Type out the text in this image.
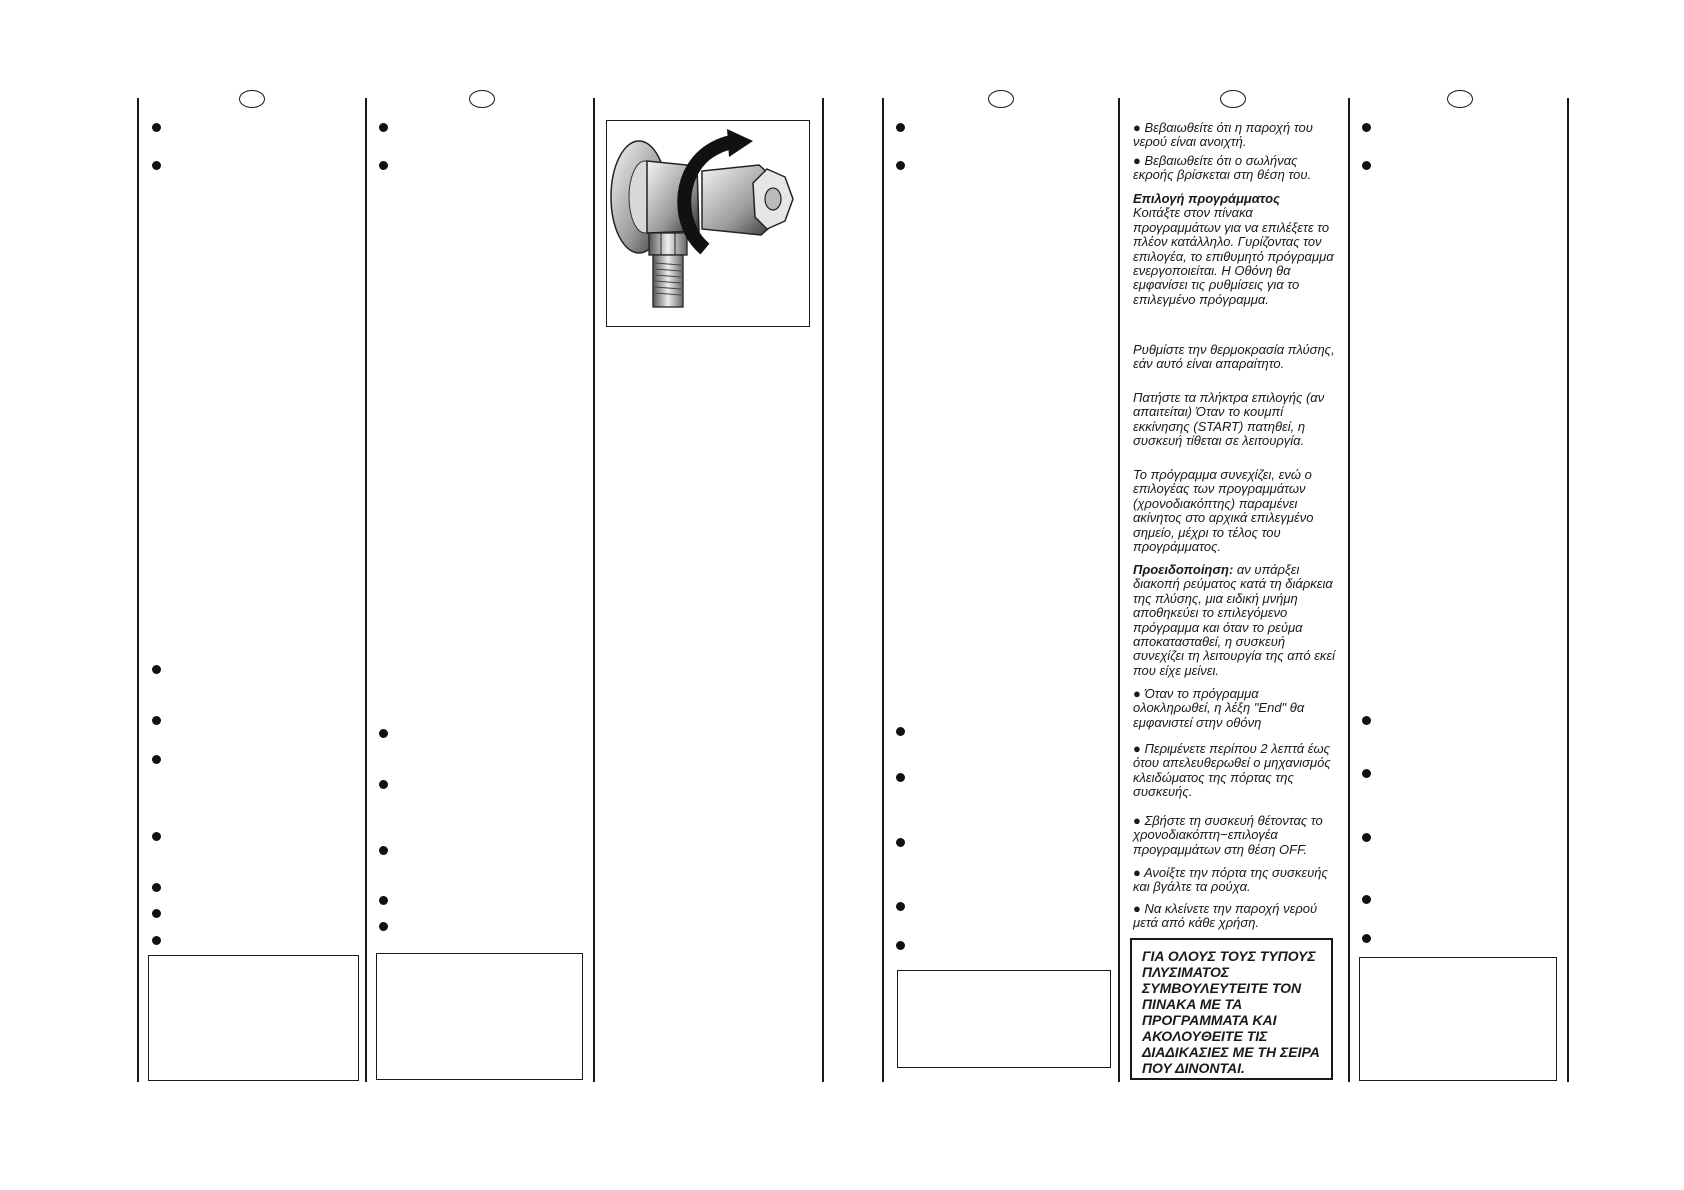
● Βεβαιωθείτε ότι η παροχή του νερού είναι ανοιχτή.
● Βεβαιωθείτε ότι ο σωλήνας εκροής βρίσκεται στη θέση του.
Επιλογή προγράμματος
Κοιτάξτε στον πίνακα προγραμμάτων για να επιλέξετε το πλέον κατάλληλο. Γυρίζοντας τον επιλογέα, το επιθυμητό πρόγραμμα ενεργοποιείται. Η Οθόνη θα εμφανίσει τις ρυθμίσεις για το επιλεγμένο πρόγραμμα.
Ρυθμίστε την θερμοκρασία πλύσης, εάν αυτό είναι απαραίτητο.
Πατήστε τα πλήκτρα επιλογής (αν απαιτείται) Όταν το κουμπί εκκίνησης (START) πατηθεί, η συσκευή τίθεται σε λειτουργία.
Το πρόγραμμα συνεχίζει, ενώ ο επιλογέας των προγραμμάτων (χρονοδιακόπτης) παραμένει ακίνητος στο αρχικά επιλεγμένο σημείο, μέχρι το τέλος του προγράμματος.
Προειδοποίηση: αν υπάρξει διακοπή ρεύματος κατά τη διάρκεια της πλύσης, μια ειδική μνήμη αποθηκεύει το επιλεγόμενο πρόγραμμα και όταν το ρεύμα αποκατασταθεί, η συσκευή συνεχίζει τη λειτουργία της από εκεί που είχε μείνει.
● Όταν το πρόγραμμα ολοκληρωθεί, η λέξη "End" θα εμφανιστεί στην οθόνη
● Περιμένετε περίπου 2 λεπτά έως ότου απελευθερωθεί ο μηχανισμός κλειδώματος της πόρτας της συσκευής.
● Σβήστε τη συσκευή θέτοντας το χρονοδιακόπτη−επιλογέα προγραμμάτων στη θέση OFF.
● Ανοίξτε την πόρτα της συσκευής και βγάλτε τα ρούχα.
● Να κλείνετε την παροχή νερού μετά από κάθε χρήση.
ΓΙΑ ΟΛΟΥΣ ΤΟΥΣ ΤΥΠΟΥΣ ΠΛΥΣΙΜΑΤΟΣ ΣΥΜΒΟΥΛΕΥΤΕΙΤΕ ΤΟΝ ΠΙΝΑΚΑ ΜΕ ΤΑ ΠΡΟΓΡΑΜΜΑΤΑ ΚΑΙ ΑΚΟΛΟΥΘΕΙΤΕ ΤΙΣ ΔΙΑΔΙΚΑΣΙΕΣ ΜΕ ΤΗ ΣΕΙΡΑ ΠΟΥ ΔΙΝΟΝΤΑΙ.
